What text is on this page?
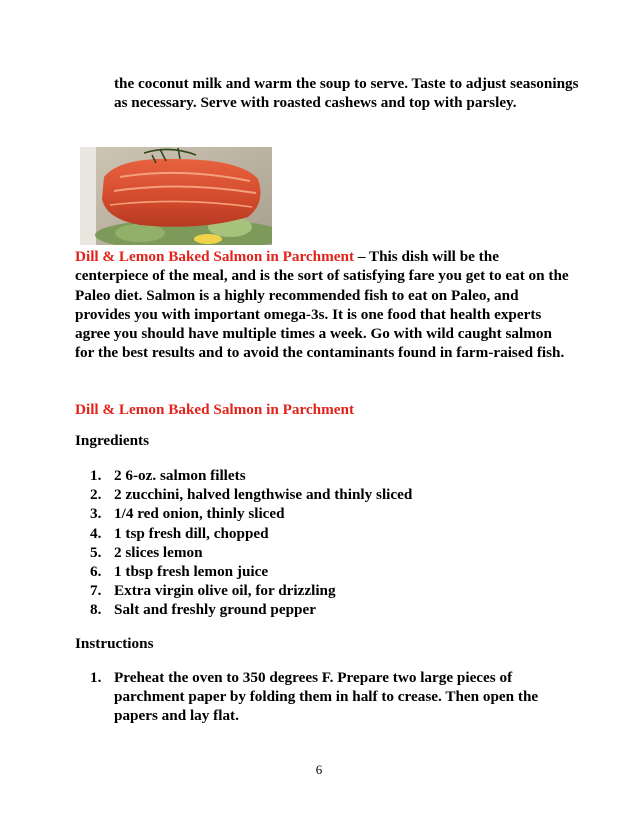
the coconut milk and warm the soup to serve. Taste to adjust seasonings as necessary. Serve with roasted cashews and top with parsley.

Dill & Lemon Baked Salmon in Parchment – This dish will be the centerpiece of the meal, and is the sort of satisfying fare you get to eat on the Paleo diet. Salmon is a highly recommended fish to eat on Paleo, and provides you with important omega-3s. It is one food that health experts agree you should have multiple times a week. Go with wild caught salmon for the best results and to avoid the contaminants found in farm-raised fish.

Dill & Lemon Baked Salmon in Parchment

Ingredients

1. 2 6-oz. salmon fillets
2. 2 zucchini, halved lengthwise and thinly sliced
3. 1/4 red onion, thinly sliced
4. 1 tsp fresh dill, chopped
5. 2 slices lemon
6. 1 tbsp fresh lemon juice
7. Extra virgin olive oil, for drizzling
8. Salt and freshly ground pepper

Instructions

1. Preheat the oven to 350 degrees F. Prepare two large pieces of parchment paper by folding them in half to crease. Then open the papers and lay flat.
6
